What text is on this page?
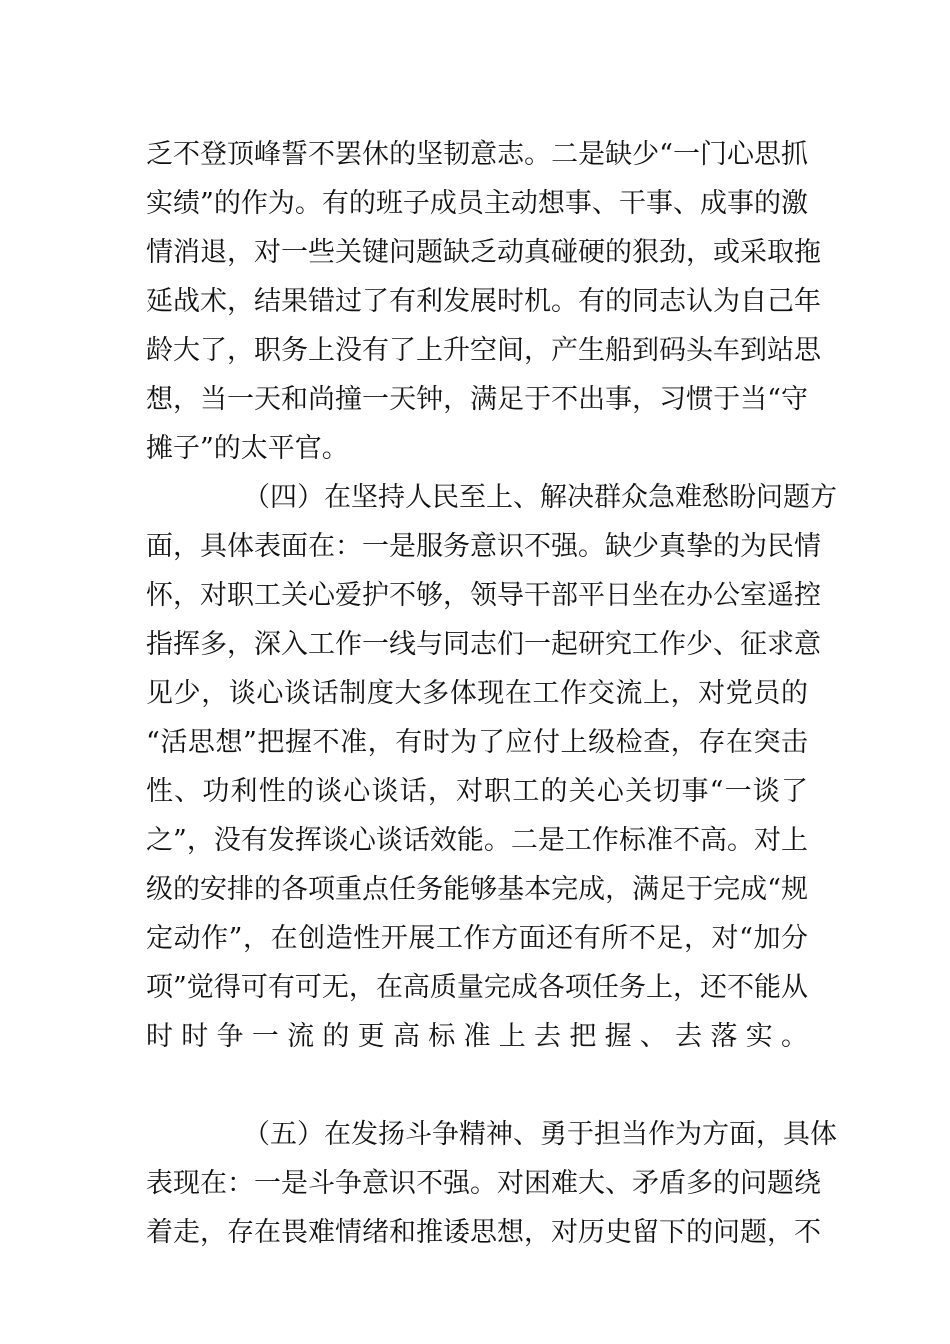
乏不登顶峰誓不罢休的坚韧意志。二是缺少“一门心思抓
实绩”的作为。有的班子成员主动想事、干事、成事的激
情消退，对一些关键问题缺乏动真碰硬的狠劲，或采取拖
延战术，结果错过了有利发展时机。有的同志认为自己年
龄大了，职务上没有了上升空间，产生船到码头车到站思
想，当一天和尚撞一天钟，满足于不出事，习惯于当“守
摊子”的太平官。
（四）在坚持人民至上、解决群众急难愁盼问题方
面，具体表面在：一是服务意识不强。缺少真挚的为民情
怀，对职工关心爱护不够，领导干部平日坐在办公室遥控
指挥多，深入工作一线与同志们一起研究工作少、征求意
见少，谈心谈话制度大多体现在工作交流上，对党员的
“活思想”把握不准，有时为了应付上级检查，存在突击
性、功利性的谈心谈话，对职工的关心关切事“一谈了
之”，没有发挥谈心谈话效能。二是工作标准不高。对上
级的安排的各项重点任务能够基本完成，满足于完成“规
定动作”，在创造性开展工作方面还有所不足，对“加分
项”觉得可有可无，在高质量完成各项任务上，还不能从
时时争一流的更高标准上去把握、去落实。
（五）在发扬斗争精神、勇于担当作为方面，具体
表现在：一是斗争意识不强。对困难大、矛盾多的问题绕
着走，存在畏难情绪和推诿思想，对历史留下的问题，不
